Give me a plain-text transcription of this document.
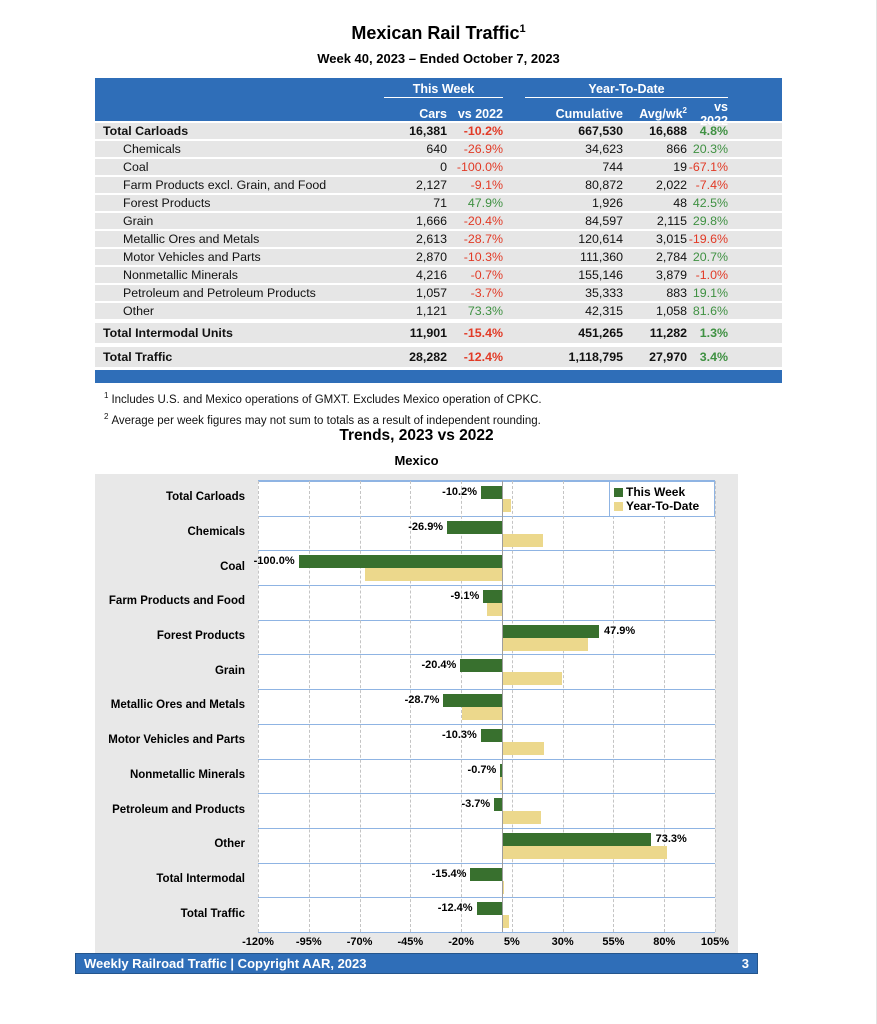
Mexican Rail Traffic$^1$
Week 40, 2023 – Ended October 7, 2023
This Week	Year-To-Date
Cars vs 2022	Cumulative	Avg/$wk^2$	vs 2022
Total Carloads	16,381	-10.2%	667,530	16,688	4.8%
Chemicals	640	-26.9%	34,623	866 20.3%
Coal	0 -100.0%	744	19 -67.1%
Farm Products excl. Grain, and Food	2,127	-9.1%	80,872	2,022 -7.4%
Forest Products	71	47.9%	1,926	48 42.5%
Grain	1,666	-20.4%	84,597	2,115 29.8%
Metallic Ores and Metals	2,613	-28.7%	120,614	3,015 -19.6%
Motor Vehicles and Parts	2,870	-10.3%	111,360	2,784 20.7%
Nonmetallic Minerals	4,216	-0.7%	155,146	3,879 -1.0%
Petroleum and Petroleum Products	1,057	-3.7%	35,333	883 19.1%
Other	1,121	73.3%	42,315	1,058 81.6%
Total Intermodal Units	11,901	-15.4%	451,265	11,282	1.3%
Total Traffic	28,282	-12.4%	1,118,795	27,970	3.4%
$^1$ Includes U.S. and Mexico operations of GMXT. Excludes Mexico operation of CPKC.
$^2$ Average per week figures may not sum to totals as a result of independent rounding.
Trends, 2023 vs 2022
Mexico
This Week
Year-To-Date
-10.2%
-26.9%
-100.0%
-9.1%
47.9%
-20.4%
-28.7%
-10.3%
-0.7%
-3.7%
73.3%
-15.4%
-12.4%
Total Carloads
Chemicals
Coal
Farm Products and Food
Forest Products
Grain
Metallic Ores and Metals
Motor Vehicles and Parts
Nonmetallic Minerals
Petroleum and Products
Other
Total Intermodal
Total Traffic
-120% -95% -70% -45% -20%	5%	30%	55%	80% 105%
Weekly Railroad Traffic | Copyright AAR, 2023	3
